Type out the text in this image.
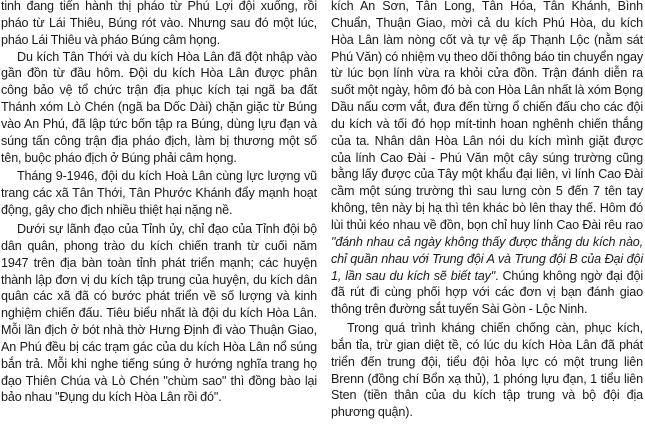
tinh đang tiến hành thị pháo từ Phú Lợi đội xuống, rồi pháo từ Lái Thiêu, Búng rót vào. Nhưng sau đó một lúc, pháo Lái Thiêu và pháo Búng câm họng.

Du kích Tân Thới và du kích Hòa Lân đã đột nhập vào gần đồn từ đầu hôm. Đội du kích Hòa Lân được phân công bảo vệ tổ chức trận địa phục kích tại ngã ba đất Thánh xóm Lò Chén (ngã ba Dốc Dài) chặn giặc từ Búng vào An Phú, đã lập tức bốn tập ra Búng, dùng lựu đạn và súng tấn công trận địa pháo địch, làm bị thương một số tên, buộc pháo địch ở Búng phải câm họng.

Tháng 9-1946, đội du kích Hoà Lân cùng lực lượng vũ trang các xã Tân Thới, Tân Phước Khánh đẩy mạnh hoạt động, gây cho địch nhiều thiệt hại nặng nề.

Dưới sự lãnh đạo của Tỉnh ủy, chỉ đạo của Tỉnh đội bộ dân quân, phong trào du kích chiến tranh từ cuối năm 1947 trên địa bàn toàn tỉnh phát triển mạnh; các huyện thành lập đơn vị du kích tập trung của huyện, du kích dân quân các xã đã có bước phát triển về số lượng và kinh nghiệm chiến đấu. Tiêu biểu nhất là đội du kích Hòa Lân. Mỗi lần địch ở bót nhà thờ Hưng Định đi vào Thuận Giao, An Phú đều bị các trạm gác của du kích Hòa Lân nổ súng bắn trả. Mỗi khi nghe tiếng súng ở hướng nghĩa trang họ đạo Thiên Chúa và Lò Chén "chùm sao" thì đồng bào lại bảo nhau "Đụng du kích Hòa Lân rồi đó".

kích An Sơn, Tân Long, Tân Hóa, Tân Khánh, Bình Chuẩn, Thuận Giao, mời cả du kích Phú Hòa, du kích Hòa Lân làm nòng cốt và tự vệ ấp Thạnh Lộc (nằm sát Phú Văn) có nhiệm vụ theo dõi thông báo tin chuyển ngay từ lúc bọn lính vừa ra khỏi cửa đồn. Trận đánh diễn ra suốt một ngày, hôm đó bà con Hòa Lân nhất là xóm Bọng Dầu nấu cơm vắt, đưa đến từng ổ chiến đấu cho các đội du kích và tối đó họp mít-tinh hoan nghênh chiến thắng của ta. Nhân dân Hòa Lân nói du kích mình giặt được của lính Cao Đài - Phú Văn một cây súng trường cũng bằng lấy được của Tây một khẩu đại liên, vì lính Cao Đài cầm một súng trường thì sau lưng còn 5 đến 7 tên tay không, tên này bị hạ thì tên khác bò lên thay thế. Hôm đó lùi thủi kéo nhau về đồn, bọn chỉ huy lính Cao Đài rêu rao "đánh nhau cả ngày không thấy được thằng du kích nào, chỉ quần nhau với Trung đội A và Trung đội B của Đại đội 1, lần sau du kích sẽ biết tay". Chúng không ngờ đại đội đã rút đi cùng phối hợp với các đơn vị bạn đánh giao thông trên đường sắt tuyến Sài Gòn - Lộc Ninh.

Trong quá trình kháng chiến chống càn, phục kích, bắn tỉa, trừ gian diệt tề, có lúc du kích Hòa Lân đã phát triển đến trung đội, tiểu đội hỏa lực có một trung liên Brenn (đồng chí Bổn xạ thủ), 1 phóng lựu đạn, 1 tiểu liên Sten (tiền thân của du kích tập trung và bộ đội địa phương quận).
